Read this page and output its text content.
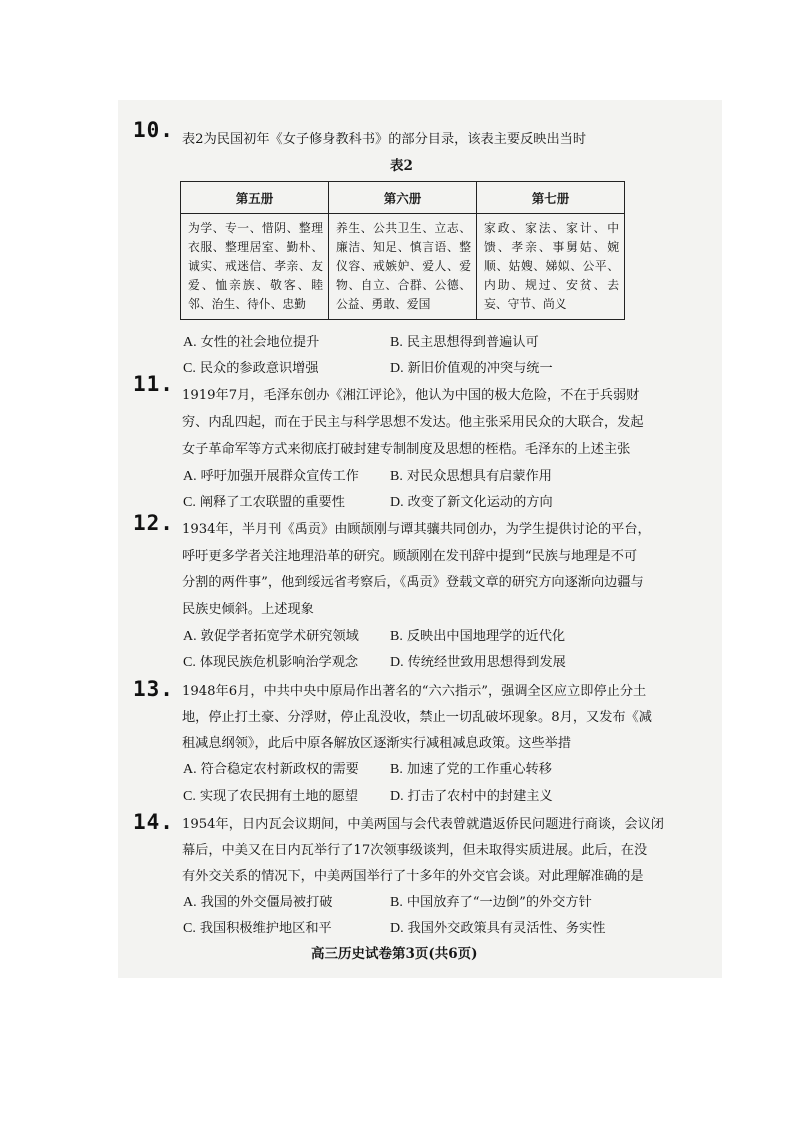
10. 表2为民国初年《女子修身教科书》的部分目录，该表主要反映出当时
表2
第五册	第六册	第七册
为学、专一、惜阴、整理衣服、整理居室、勤朴、诚实、戒迷信、孝亲、友爱、恤亲族、敬客、睦邻、治生、待仆、忠勤	养生、公共卫生、立志、廉洁、知足、慎言语、整仪容、戒嫉妒、爱人、爱物、自立、合群、公德、公益、勇敢、爱国	家政、家法、家计、中馈、孝亲、事舅姑、婉顺、姑嫂、娣姒、公平、内助、规过、安贫、去妄、守节、尚义
A. 女性的社会地位提升	B. 民主思想得到普遍认可
C. 民众的参政意识增强	D. 新旧价值观的冲突与统一
11. 1919年7月，毛泽东创办《湘江评论》，他认为中国的极大危险，不在于兵弱财
穷、内乱四起，而在于民主与科学思想不发达。他主张采用民众的大联合，发起
女子革命军等方式来彻底打破封建专制制度及思想的桎梏。毛泽东的上述主张
A. 呼吁加强开展群众宣传工作 B. 对民众思想具有启蒙作用
C. 阐释了工农联盟的重要性	D. 改变了新文化运动的方向
12. 1934年，半月刊《禹贡》由顾颉刚与谭其骧共同创办，为学生提供讨论的平台，
呼吁更多学者关注地理沿革的研究。顾颉刚在发刊辞中提到“民族与地理是不可
分割的两件事”，他到绥远省考察后，《禹贡》登载文章的研究方向逐渐向边疆与
民族史倾斜。上述现象
A. 敦促学者拓宽学术研究领域 B. 反映出中国地理学的近代化
C. 体现民族危机影响治学观念 D. 传统经世致用思想得到发展
13. 1948年6月，中共中央中原局作出著名的“六六指示”，强调全区应立即停止分土
地，停止打土豪、分浮财，停止乱没收，禁止一切乱破坏现象。8月，又发布《减
租减息纲领》，此后中原各解放区逐渐实行减租减息政策。这些举措
A. 符合稳定农村新政权的需要 B. 加速了党的工作重心转移
C. 实现了农民拥有土地的愿望 D. 打击了农村中的封建主义
14. 1954年，日内瓦会议期间，中美两国与会代表曾就遣返侨民问题进行商谈，会议闭
幕后，中美又在日内瓦举行了17次领事级谈判，但未取得实质进展。此后，在没
有外交关系的情况下，中美两国举行了十多年的外交官会谈。对此理解准确的是
A. 我国的外交僵局被打破	B. 中国放弃了“一边倒”的外交方针
C. 我国积极维护地区和平	D. 我国外交政策具有灵活性、务实性
高三历史试卷第3页(共6页)
